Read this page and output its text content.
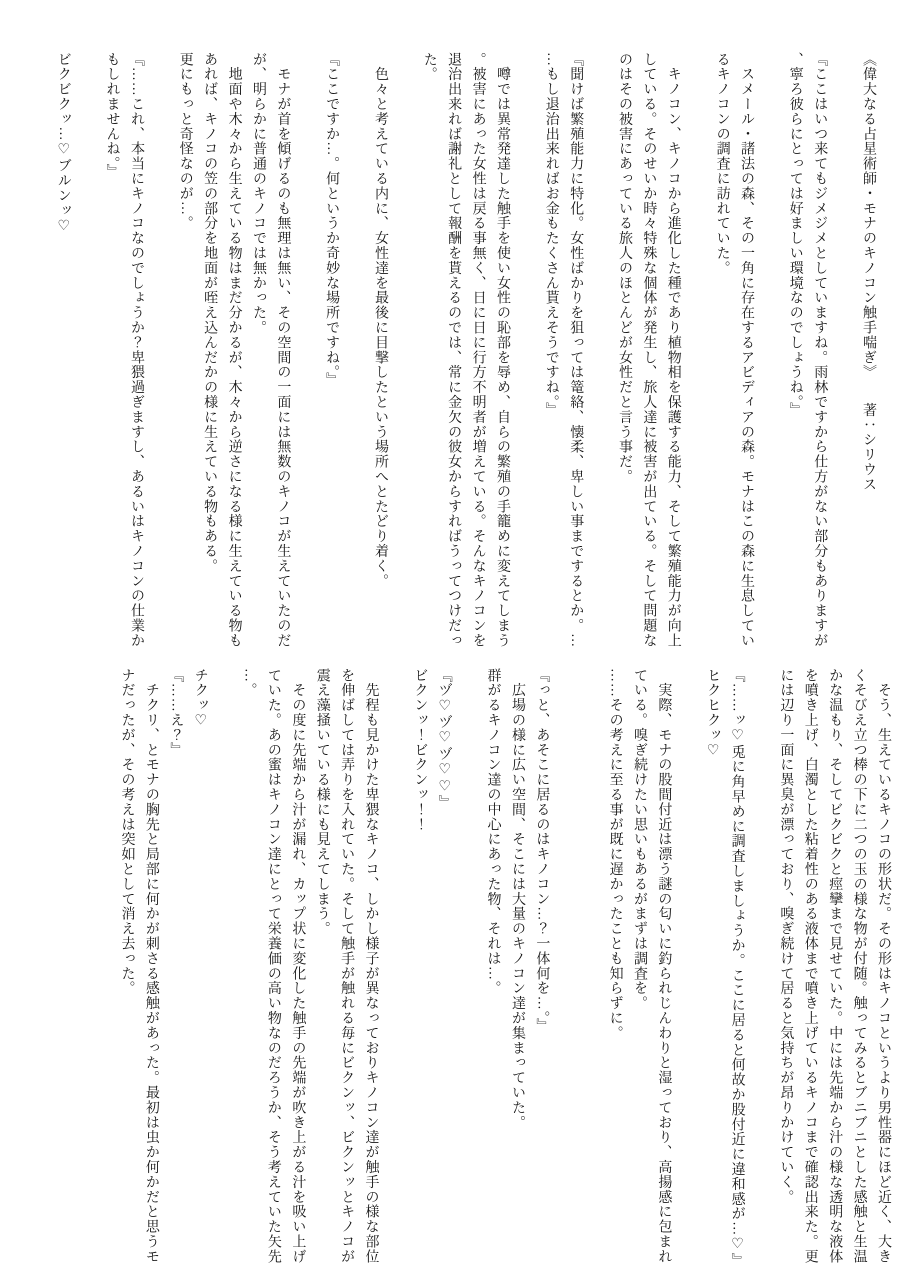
《偉大なる占星術師・モナのキノコン触手喘ぎ》　　著：シリウス
『ここはいつ来てもジメジメとしていますね。雨林ですから仕方がない部分もありますが
、寧ろ彼らにとっては好ましい環境なのでしょうね。』
　スメール・諸法の森、その一角に存在するアビディアの森。モナはこの森に生息してい
るキノコンの調査に訪れていた。
　キノコン、キノコから進化した種であり植物相を保護する能力、そして繁殖能力が向上
している。そのせいか時々特殊な個体が発生し、旅人達に被害が出ている。そして問題な
のはその被害にあっている旅人のほとんどが女性だと言う事だ。
『聞けば繁殖能力に特化。女性ばかりを狙っては篭絡、懐柔、卑しい事までするとか。…
…もし退治出来ればお金もたくさん貰えそうですね。』
　噂では異常発達した触手を使い女性の恥部を辱め、自らの繁殖の手籠めに変えてしまう
。被害にあった女性は戻る事無く、日に日に行方不明者が増えている。そんなキノコンを
退治出来れば謝礼として報酬を貰えるのでは、常に金欠の彼女からすればうってつけだっ
た。
　色々と考えている内に、女性達を最後に目撃したという場所へとたどり着く。
『ここですか…。何というか奇妙な場所ですね。』
　モナが首を傾げるのも無理は無い、その空間の一面には無数のキノコが生えていたのだ
が、明らかに普通のキノコでは無かった。
　地面や木々から生えている物はまだ分かるが、木々から逆さになる様に生えている物も
あれば、キノコの笠の部分を地面が咥え込んだかの様に生えている物もある。
更にもっと奇怪なのが…。
『……これ、本当にキノコなのでしょうか？卑猥過ぎますし、あるいはキノコンの仕業か
もしれませんね。』
ビクビクッ…♡ブルンッ♡
　そう、生えているキノコの形状だ。その形はキノコというより男性器にほど近く、大き
くそびえ立つ棒の下に二つの玉の様な物が付随。触ってみるとブニブニとした感触と生温
かな温もり、そしてビクビクと痙攣まで見せていた。中には先端から汁の様な透明な液体
を噴き上げ、白濁とした粘着性のある液体まで噴き上げているキノコまで確認出来た。更
には辺り一面に異臭が漂っており、嗅ぎ続けて居ると気持ちが昂りかけていく。
『……ッ♡兎に角早めに調査しましょうか。ここに居ると何故か股付近に違和感が…♡』
ヒクヒクッ♡
　実際、モナの股間付近は漂う謎の匂いに釣られじんわりと湿っており、高揚感に包まれ
ている。嗅ぎ続けたい思いもあるがまずは調査を。
……その考えに至る事が既に遅かったことも知らずに。
『っと、あそこに居るのはキノコン…？一体何を…。』
　広場の様に広い空間、そこには大量のキノコン達が集まっていた。
群がるキノコン達の中心にあった物、それは…。
『ヅ♡ヅ♡ヅ♡♡』
ビクンッ！ビクンッ！！
　先程も見かけた卑猥なキノコ、しかし様子が異なっておりキノコン達が触手の様な部位
を伸ばしては弄りを入れていた。そして触手が触れる毎にビクンッ、ビクンッとキノコが
震え藻掻いている様にも見えてしまう。
　その度に先端から汁が漏れ、カップ状に変化した触手の先端が吹き上がる汁を吸い上げ
ていた。あの蜜はキノコン達にとって栄養価の高い物なのだろうか、そう考えていた矢先
…。
チクッ♡
『……え？』
　チクリ、とモナの胸先と局部に何かが刺さる感触があった。最初は虫か何かだと思うモ
ナだったが、その考えは突如として消え去った。
